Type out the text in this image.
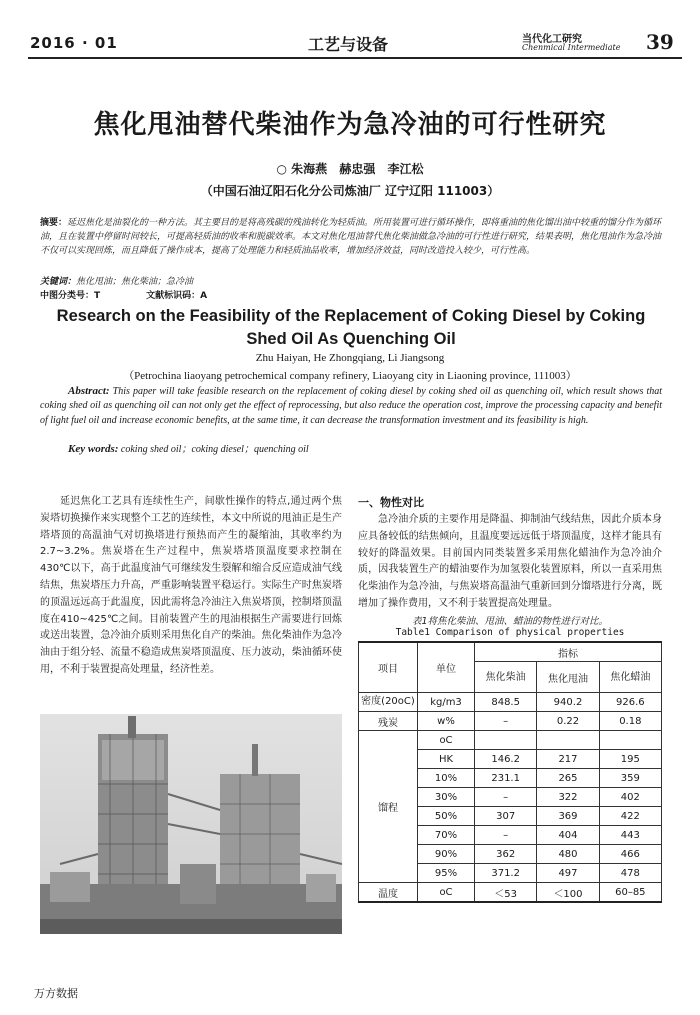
2016 · 01	工艺与设备	当代化工研究
Chenmical Intermediate 39
焦化甩油替代柴油作为急冷油的可行性研究
○ 朱海燕 赫忠强 李江松
（中国石油辽阳石化分公司炼油厂 辽宁辽阳 111003）
摘要：延迟焦化是油裂化的一种方法。其主要目的是将高残碳的残油转化为轻质油。所用装置可进行循环操作，即将重油的焦化馏出油中较重的馏分作为循环油，且在装置中停留时间较长，可提高轻质油的收率和脱碳效率。本文对焦化甩油替代焦化柴油做急冷油的可行性进行研究，结果表明，焦化甩油作为急冷油不仅可以实现回炼，而且降低了操作成本，提高了处理能力和轻质油品收率，增加经济效益，同时改造投入较少，可行性高。
关键词：焦化甩油；焦化柴油；急冷油
中图分类号：T	文献标识码：A
Research on the Feasibility of the Replacement of Coking Diesel by Coking Shed Oil As Quenching Oil
Zhu Haiyan, He Zhongqiang, Li Jiangsong
（Petrochina liaoyang petrochemical company refinery, Liaoyang city in Liaoning province, 111003）
Abstract: This paper will take feasible research on the replacement of coking diesel by coking shed oil as quenching oil, which result shows that coking shed oil as quenching oil can not only get the effect of reprocessing, but also reduce the operation cost, improve the processing capacity and benefit of light fuel oil and increase economic benefits, at the same time, it can decrease the transformation investment and its feasibility is high.
Key words: coking shed oil；coking diesel；quenching oil
延迟焦化工艺具有连续性生产，间歇性操作的特点,通过两个焦炭塔切换操作来实现整个工艺的连续性，本文中所说的甩油正是生产塔塔顶的高温油气对切换塔进行预热而产生的凝缩油，其收率约为2.7~3.2%。焦炭塔在生产过程中，焦炭塔塔顶温度要求控制在430℃以下，高于此温度油气可继续发生裂解和缩合反应造成油气线结焦，焦炭塔压力升高，严重影响装置平稳运行。实际生产时焦炭塔的顶温远远高于此温度，因此需将急冷油注入焦炭塔顶，控制塔顶温度在410~425℃之间。目前装置产生的甩油根据生产需要进行回炼或送出装置，急冷油介质则采用焦化自产的柴油。焦化柴油作为急冷油由于组分轻、流量不稳造成焦炭塔顶温度、压力波动，柴油循环使用，不利于装置提高处理量，经济性差。
一、物性对比
急冷油介质的主要作用是降温、抑制油气线结焦，因此介质本身应具备较低的结焦倾向，且温度要远远低于塔顶温度，这样才能具有较好的降温效果。目前国内同类装置多采用焦化蜡油作为急冷油介质，因我装置生产的蜡油要作为加氢裂化装置原料，所以一直采用焦化柴油作为急冷油，与焦炭塔高温油气重新回到分馏塔进行分离，既增加了操作费用，又不利于装置提高处理量。
表1将焦化柴油、甩油、蜡油的物性进行对比。
Table1 Comparison of physical properties
项目	单位	指标		
		焦化柴油	焦化甩油	焦化蜡油
密度(20oC)	kg/m3	848.5	940.2	926.6
残炭	w%	–	0.22	0.18
馏程	oC			
	HK	146.2	217	195
	10%	231.1	265	359
	30%	–	322	402
	50%	307	369	422
	70%	–	404	443
	90%	362	480	466
	95%	371.2	497	478
温度	oC	＜53	＜100	60–85
万方数据
